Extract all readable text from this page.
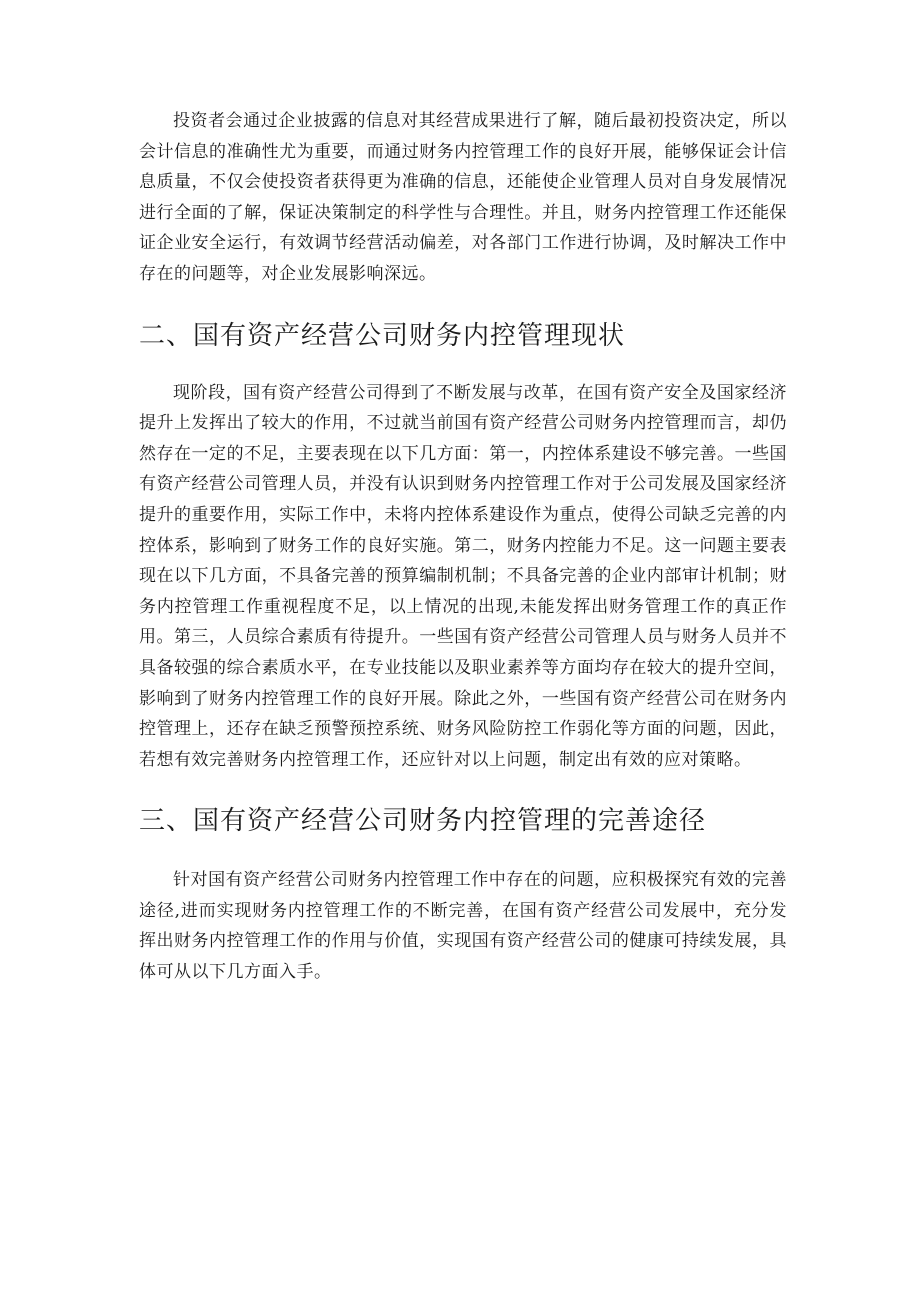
投资者会通过企业披露的信息对其经营成果进行了解，随后最初投资决定，所以会计信息的准确性尤为重要，而通过财务内控管理工作的良好开展，能够保证会计信息质量，不仅会使投资者获得更为准确的信息，还能使企业管理人员对自身发展情况进行全面的了解，保证决策制定的科学性与合理性。并且，财务内控管理工作还能保证企业安全运行，有效调节经营活动偏差，对各部门工作进行协调，及时解决工作中存在的问题等，对企业发展影响深远。

二、国有资产经营公司财务内控管理现状

现阶段，国有资产经营公司得到了不断发展与改革，在国有资产安全及国家经济提升上发挥出了较大的作用，不过就当前国有资产经营公司财务内控管理而言，却仍然存在一定的不足，主要表现在以下几方面：第一，内控体系建设不够完善。一些国有资产经营公司管理人员，并没有认识到财务内控管理工作对于公司发展及国家经济提升的重要作用，实际工作中，未将内控体系建设作为重点，使得公司缺乏完善的内控体系，影响到了财务工作的良好实施。第二，财务内控能力不足。这一问题主要表现在以下几方面，不具备完善的预算编制机制；不具备完善的企业内部审计机制；财务内控管理工作重视程度不足，以上情况的出现,未能发挥出财务管理工作的真正作用。第三，人员综合素质有待提升。一些国有资产经营公司管理人员与财务人员并不具备较强的综合素质水平，在专业技能以及职业素养等方面均存在较大的提升空间，影响到了财务内控管理工作的良好开展。除此之外，一些国有资产经营公司在财务内控管理上，还存在缺乏预警预控系统、财务风险防控工作弱化等方面的问题，因此，若想有效完善财务内控管理工作，还应针对以上问题，制定出有效的应对策略。

三、国有资产经营公司财务内控管理的完善途径

针对国有资产经营公司财务内控管理工作中存在的问题，应积极探究有效的完善途径,进而实现财务内控管理工作的不断完善，在国有资产经营公司发展中，充分发挥出财务内控管理工作的作用与价值，实现国有资产经营公司的健康可持续发展，具体可从以下几方面入手。
